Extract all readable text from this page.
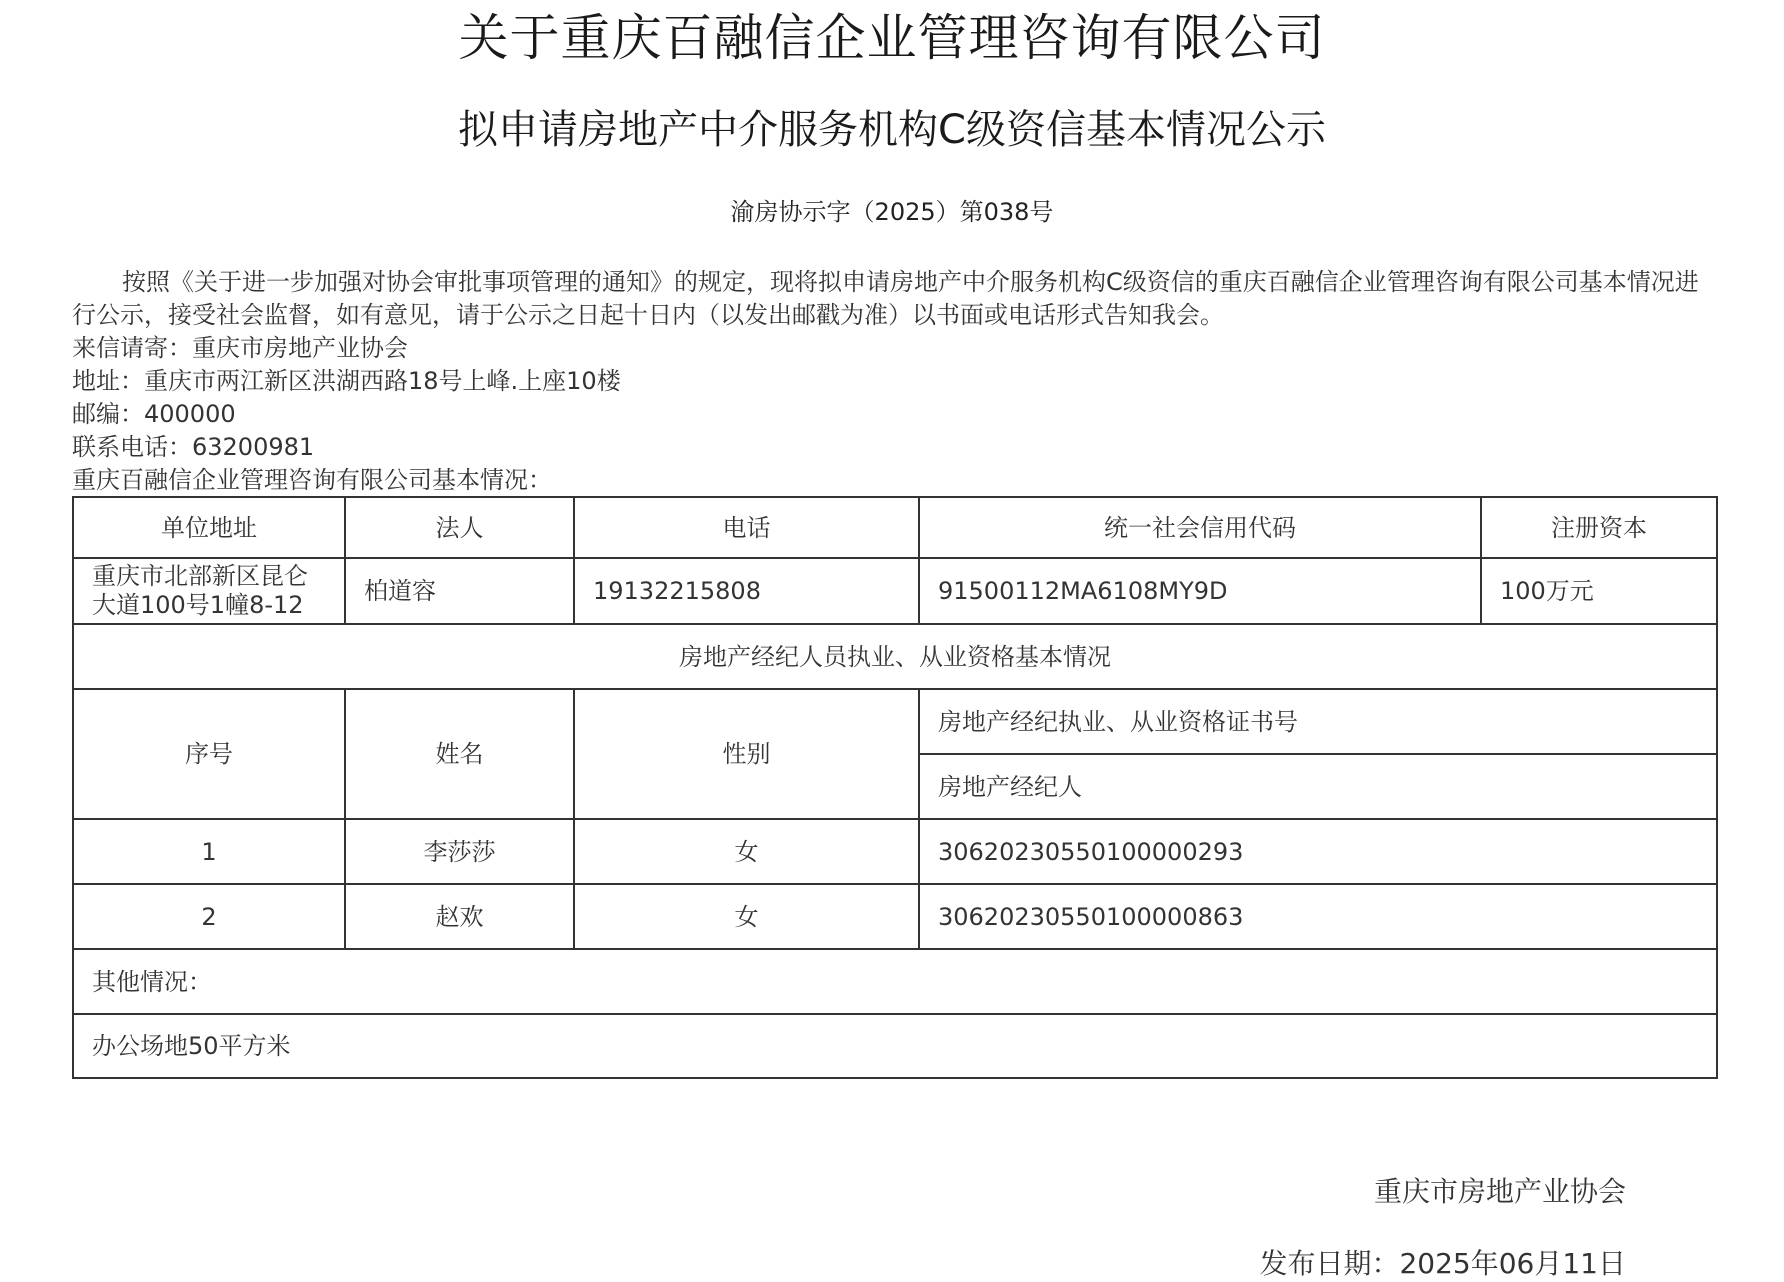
关于重庆百融信企业管理咨询有限公司
拟申请房地产中介服务机构C级资信基本情况公示
渝房协示字（2025）第038号

按照《关于进一步加强对协会审批事项管理的通知》的规定，现将拟申请房地产中介服务机构C级资信的重庆百融信企业管理咨询有限公司基本情况进行公示，接受社会监督，如有意见，请于公示之日起十日内（以发出邮戳为准）以书面或电话形式告知我会。

来信请寄：重庆市房地产业协会

地址：重庆市两江新区洪湖西路18号上峰.上座10楼

邮编：400000

联系电话：63200981

重庆百融信企业管理咨询有限公司基本情况：

单位地址	法人	电话	统一社会信用代码	注册资本

重庆市北部新区昆仑
大道100号1幢8-12	柏道容	19132215808	91500112MA6108MY9D	100万元
房地产经纪人员执业、从业资格基本情况				
序号	姓名	性别	房地产经纪执业、从业资格证书号	
			房地产经纪人	
1	李莎莎	女	30620230550100000293	
2	赵欢	女	30620230550100000863	
其他情况：				
办公场地50平方米				
重庆市房地产业协会
发布日期：2025年06月11日
